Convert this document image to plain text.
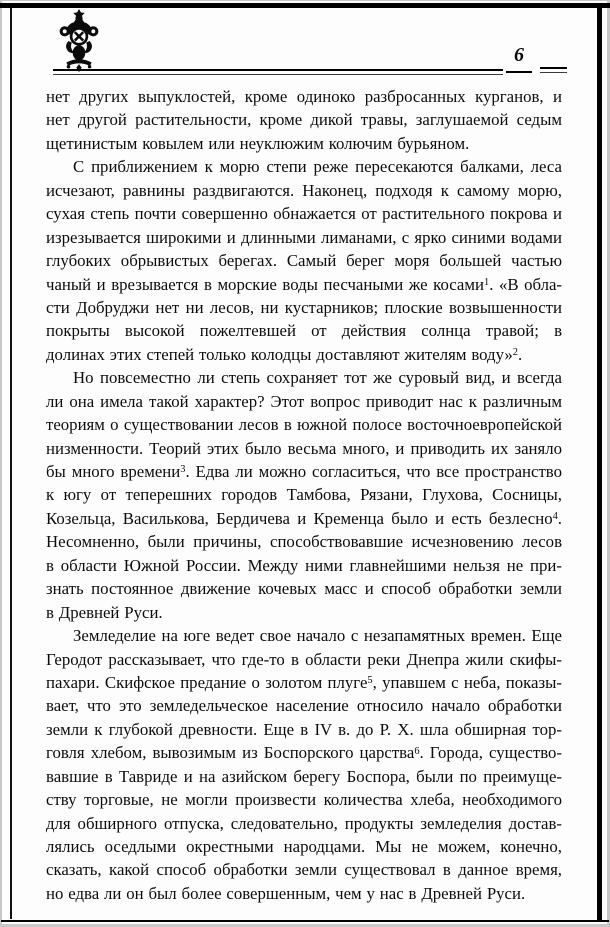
6
нет других выпуклостей, кроме одиноко разбросанных курганов, и
нет другой растительности, кроме дикой травы, заглушаемой седым
щетинистым ковылем или неуклюжим колючим бурьяном.
С приближением к морю степи реже пересекаются балками, леса
исчезают, равнины раздвигаются. Наконец, подходя к самому морю,
сухая степь почти совершенно обнажается от растительного покрова и
изрезывается широкими и длинными лиманами, с ярко синими водами
глубоких обрывистых берегах. Самый берег моря большей частью
чаный и врезывается в морские воды песчаными же косами$^1$. «В обла-
сти Добруджи нет ни лесов, ни кустарников; плоские возвышенности
покрыты высокой пожелтевшей от действия солнца травой; в
долинах этих степей только колодцы доставляют жителям воду»$^2$.
Но повсеместно ли степь сохраняет тот же суровый вид, и всегда
ли она имела такой характер? Этот вопрос приводит нас к различным
теориям о существовании лесов в южной полосе восточноевропейской
низменности. Теорий этих было весьма много, и приводить их заняло
бы много времени$^3$. Едва ли можно согласиться, что все пространство
к югу от теперешних городов Тамбова, Рязани, Глухова, Сосницы,
Козельца, Василькова, Бердичева и Кременца было и есть безлесно$^4$.
Несомненно, были причины, способствовавшие исчезновению лесов
в области Южной России. Между ними главнейшими нельзя не при-
знать постоянное движение кочевых масс и способ обработки земли
в Древней Руси.
Земледелие на юге ведет свое начало с незапамятных времен. Еще
Геродот рассказывает, что где-то в области реки Днепра жили скифы-
пахари. Скифское предание о золотом плуге$^5$, упавшем с неба, показы-
вает, что это земледельческое население относило начало обработки
земли к глубокой древности. Еще в IV в. до Р. Х. шла обширная тор-
говля хлебом, вывозимым из Боспорского царства$^6$. Города, существо-
вавшие в Тавриде и на азийском берегу Боспора, были по преимуще-
ству торговые, не могли произвести количества хлеба, необходимого
для обширного отпуска, следовательно, продукты земледелия достав-
лялись оседлыми окрестными народцами. Мы не можем, конечно,
сказать, какой способ обработки земли существовал в данное время,
но едва ли он был более совершенным, чем у нас в Древней Руси.
